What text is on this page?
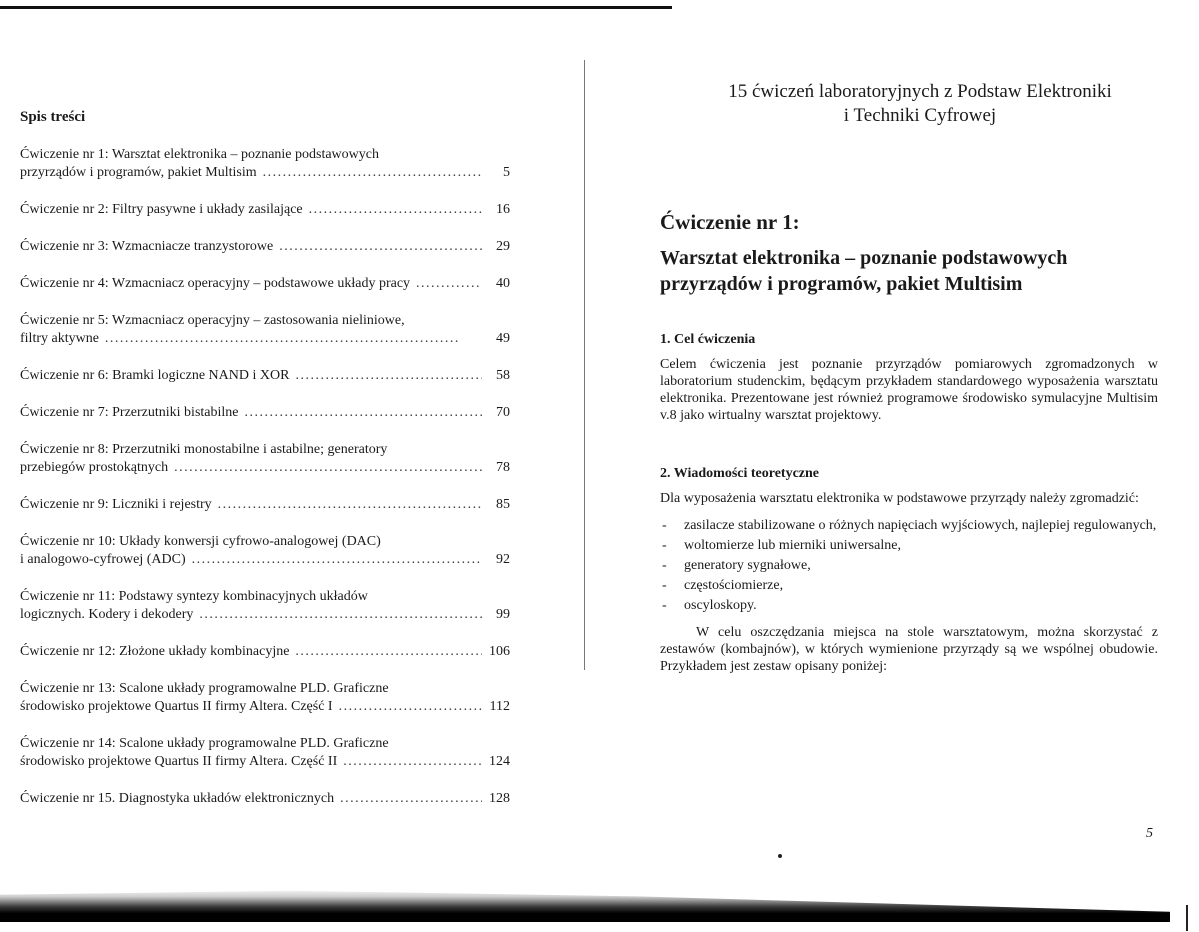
Spis treści
Ćwiczenie nr 1: Warsztat elektronika – poznanie podstawowych
przyrządów i programów, pakiet Multisim . . .	5
Ćwiczenie nr 2: Filtry pasywne i układy zasilające . . .	16
Ćwiczenie nr 3: Wzmacniacze tranzystorowe . . .	29
Ćwiczenie nr 4: Wzmacniacz operacyjny – podstawowe układy pracy . . .	40
Ćwiczenie nr 5: Wzmacniacz operacyjny – zastosowania nieliniowe,
filtry aktywne . . .	49
Ćwiczenie nr 6: Bramki logiczne NAND i XOR . . .	58
Ćwiczenie nr 7: Przerzutniki bistabilne . . .	70
Ćwiczenie nr 8: Przerzutniki monostabilne i astabilne; generatory
przebiegów prostokątnych . . .	78
Ćwiczenie nr 9: Liczniki i rejestry . . .	85
Ćwiczenie nr 10: Układy konwersji cyfrowo-analogowej (DAC)
i analogowo-cyfrowej (ADC) . . .	92
Ćwiczenie nr 11: Podstawy syntezy kombinacyjnych układów
logicznych. Kodery i dekodery . . .	99
Ćwiczenie nr 12: Złożone układy kombinacyjne . . .	106
Ćwiczenie nr 13: Scalone układy programowalne PLD. Graficzne
środowisko projektowe Quartus II firmy Altera. Część I . . .	112
Ćwiczenie nr 14: Scalone układy programowalne PLD. Graficzne
środowisko projektowe Quartus II firmy Altera. Część II . . .	124
Ćwiczenie nr 15. Diagnostyka układów elektronicznych . . .	128
15 ćwiczeń laboratoryjnych z Podstaw Elektroniki
i Techniki Cyfrowej
Ćwiczenie nr 1:
Warsztat elektronika – poznanie podstawowych przyrządów i programów, pakiet Multisim
1. Cel ćwiczenia

Celem ćwiczenia jest poznanie przyrządów pomiarowych zgromadzonych w laboratorium studenckim, będącym przykładem standardowego wyposażenia warsztatu elektronika. Prezentowane jest również programowe środowisko symulacyjne Multisim v.8 jako wirtualny warsztat projektowy.

2. Wiadomości teoretyczne

Dla wyposażenia warsztatu elektronika w podstawowe przyrządy należy zgromadzić:

- zasilacze stabilizowane o różnych napięciach wyjściowych, najlepiej regulowanych,
- woltomierze lub mierniki uniwersalne,
- generatory sygnałowe,
- częstościomierze,
- oscyloskopy.

W celu oszczędzania miejsca na stole warsztatowym, można skorzystać z zestawów (kombajnów), w których wymienione przyrządy są we wspólnej obudowie. Przykładem jest zestaw opisany poniżej:

5
